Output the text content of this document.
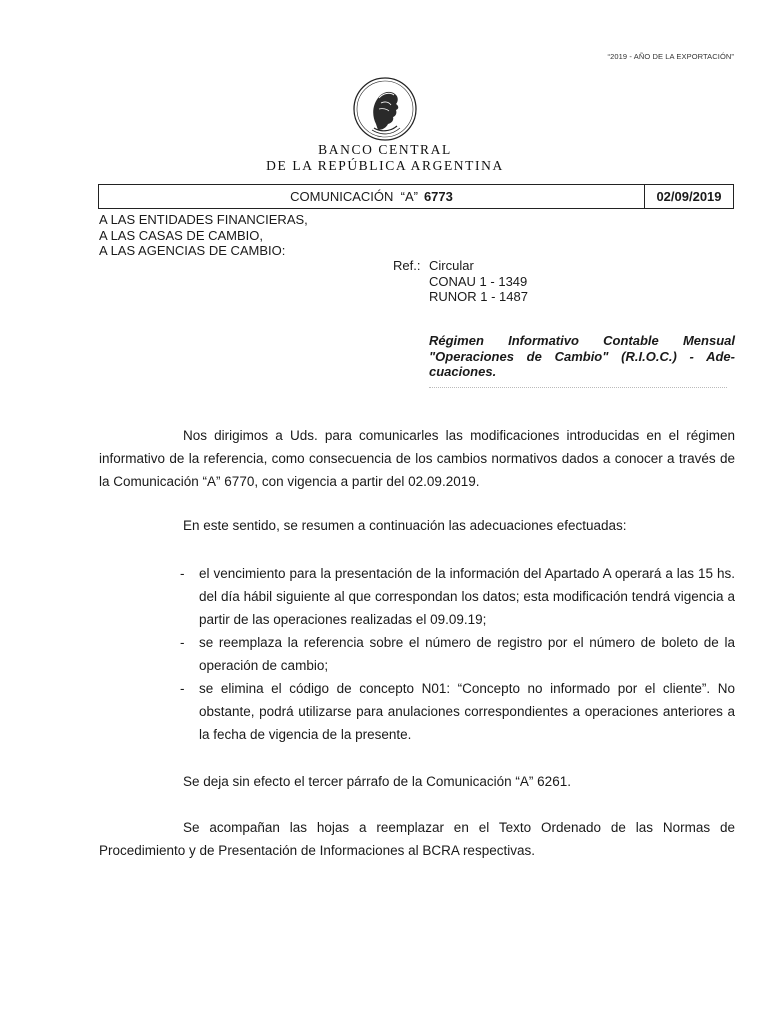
“2019 - AÑO DE LA EXPORTACIÓN”
BANCO CENTRAL
DE LA REPÚBLICA ARGENTINA
COMUNICACIÓN  “A” 6773	02/09/2019
A LAS ENTIDADES FINANCIERAS,
A LAS CASAS DE CAMBIO,
A LAS AGENCIAS DE CAMBIO:
Ref.: Circular
CONAU 1 - 1349
RUNOR 1 - 1487
Régimen Informativo Contable Mensual "Operaciones de Cambio" (R.I.O.C.) - Ade-cuaciones.
Nos dirigimos a Uds. para comunicarles las modificaciones introducidas en el régimen informativo de la referencia, como consecuencia de los cambios normativos dados a conocer a través de la Comunicación “A” 6770, con vigencia a partir del 02.09.2019.
En este sentido, se resumen a continuación las adecuaciones efectuadas:
-	el vencimiento para la presentación de la información del Apartado A operará a las 15 hs. del día hábil siguiente al que correspondan los datos; esta modificación tendrá vigencia a partir de las operaciones realizadas el 09.09.19;
-	se reemplaza la referencia sobre el número de registro por el número de boleto de la operación de cambio;
-	se elimina el código de concepto N01: “Concepto no informado por el cliente”. No obstante, podrá utilizarse para anulaciones correspondientes a operaciones anteriores a la fecha de vigencia de la presente.
Se deja sin efecto el tercer párrafo de la Comunicación “A” 6261.
Se acompañan las hojas a reemplazar en el Texto Ordenado de las Normas de Procedimiento y de Presentación de Informaciones al BCRA respectivas.
